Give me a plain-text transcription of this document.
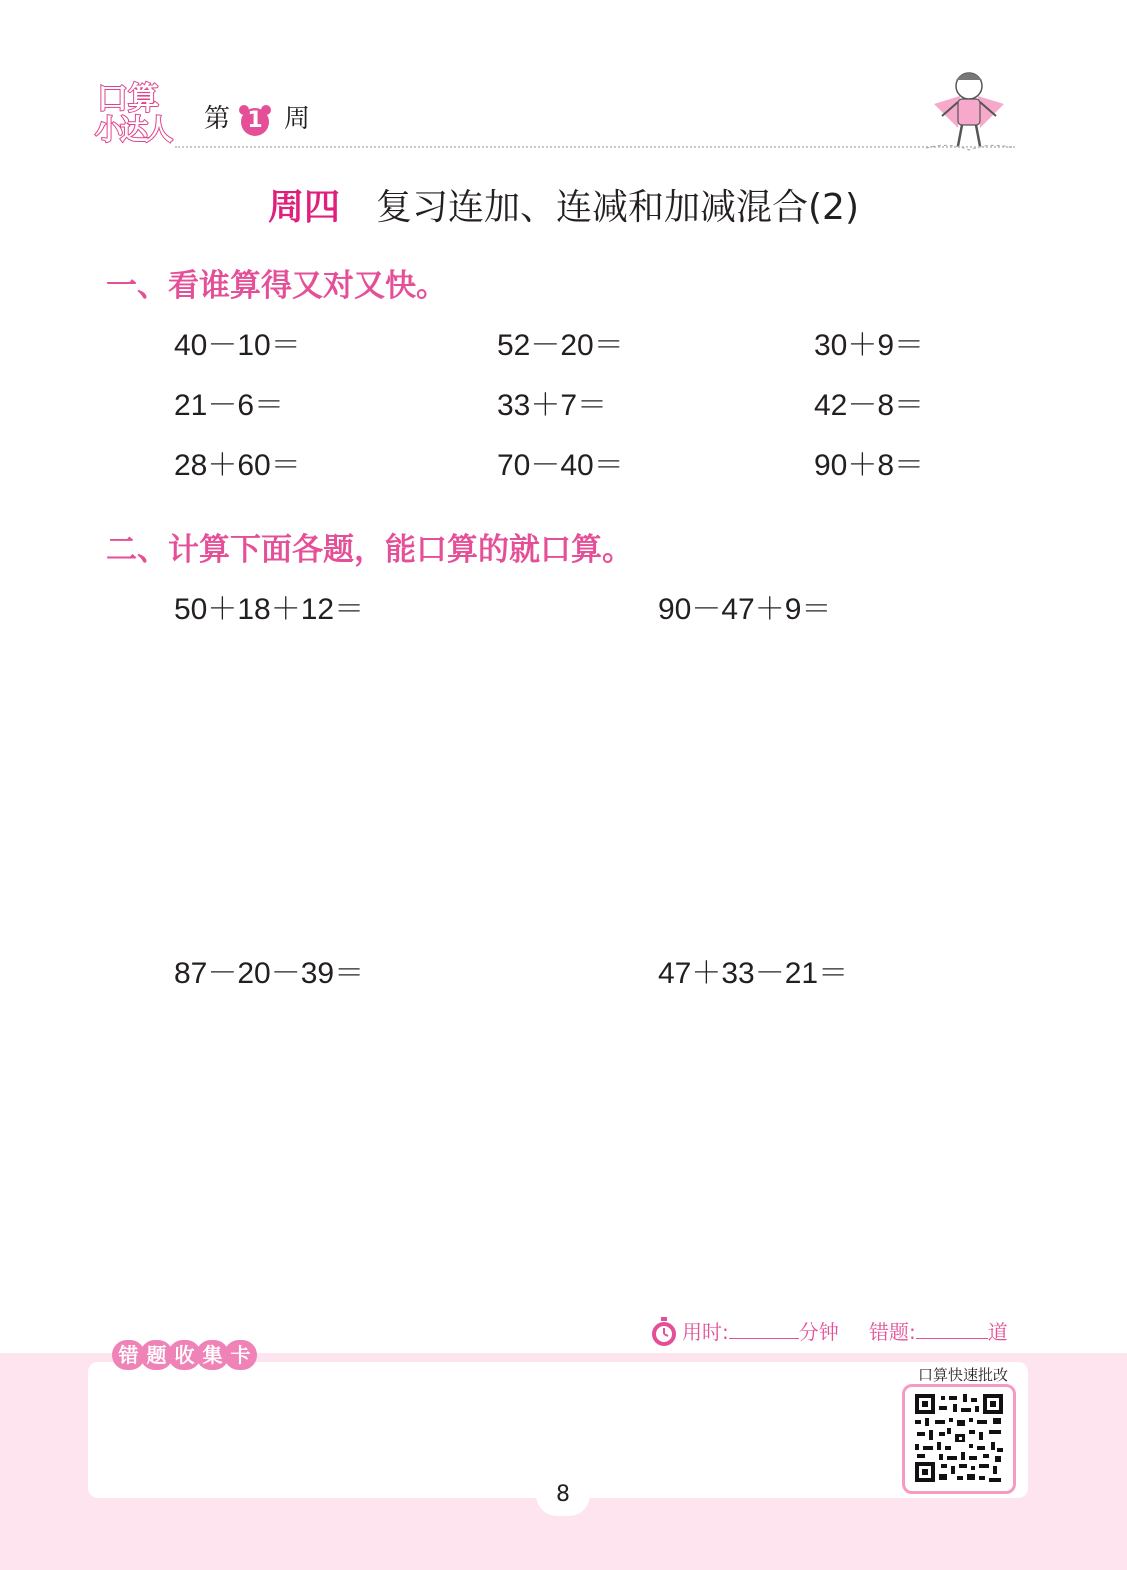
口算
小达人 第 1 周
周四 复习连加、连减和加减混合(2)
一、看谁算得又对又快。
40－10＝	52－20＝	30＋9＝
21－6＝	33＋7＝	42－8＝
28＋60＝	70－40＝	90＋8＝
二、计算下面各题，能口算的就口算。
50＋18＋12＝	90－47＋9＝
87－20－39＝	47＋33－21＝
错 题 收 集 卡
用时:	分钟 错题:	道
口算快速批改
8
